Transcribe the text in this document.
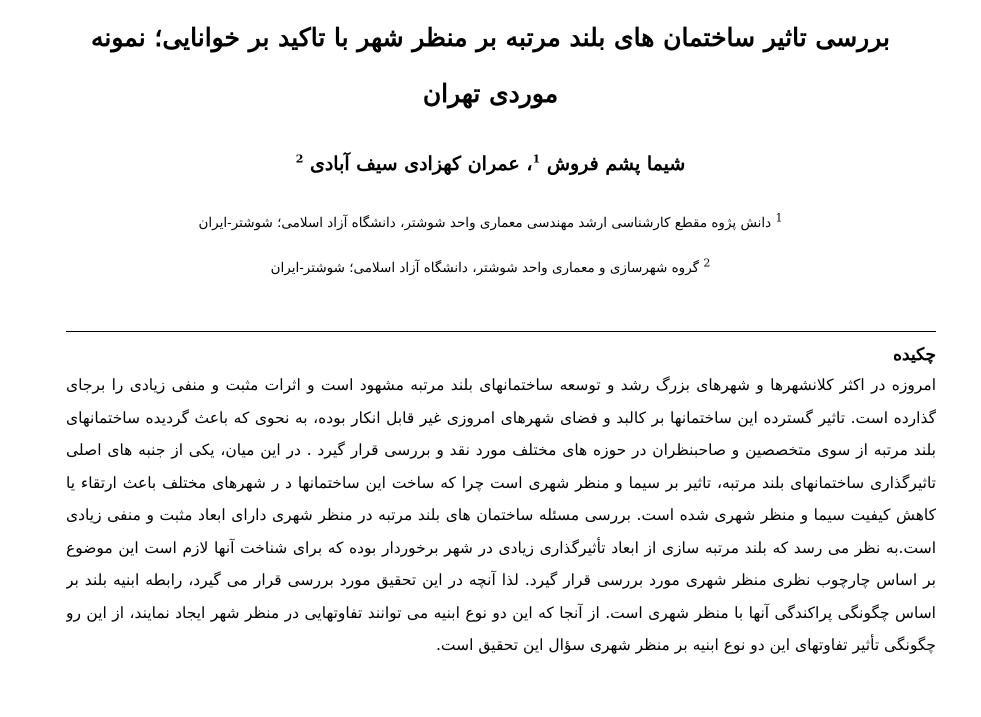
بررسی تاثیر ساختمان های بلند مرتبه بر منظر شهر با تاکید بر خوانایی؛ نمونه موردی تهران
شیما پشم فروش $^1$، عمران کهزادی سیف آبادی $^2$
$^1$ دانش پژوه مقطع کارشناسی ارشد مهندسی معماری واحد شوشتر، دانشگاه آزاد اسلامی؛ شوشتر-ایران
$^2$ گروه شهرسازی و معماری واحد شوشتر، دانشگاه آزاد اسلامی؛ شوشتر-ایران
چکیده

امروزه در اکثر کلانشهرها و شهرهای بزرگ رشد و توسعه ساختمانهای بلند مرتبه مشهود است و اثرات مثبت و منفی زیادی را برجای گذارده است. تاثیر گسترده این ساختمانها بر کالبد و فضای شهرهای امروزی غیر قابل انکار بوده، به نحوی که باعث گردیده ساختمانهای بلند مرتبه از سوی متخصصین و صاحبنظران در حوزه های مختلف مورد نقد و بررسی قرار گیرد . در این میان، یکی از جنبه های اصلی تاثیرگذاری ساختمانهای بلند مرتبه، تاثیر بر سیما و منظر شهری است چرا که ساخت این ساختمانها د ر شهرهای مختلف باعث ارتقاء یا کاهش کیفیت سیما و منظر شهری شده است. بررسی مسئله ساختمان های بلند مرتبه در منظر شهری دارای ابعاد مثبت و منفی زیادی است.به نظر می رسد که بلند مرتبه سازی از ابعاد تأثیرگذاری زیادی در شهر برخوردار بوده که برای شناخت آنها لازم است این موضوع بر اساس چارچوب نظری منظر شهری مورد بررسی قرار گیرد. لذا آنچه در این تحقیق مورد بررسی قرار می گیرد، رابطه ابنیه بلند بر اساس چگونگی پراکندگی آنها با منظر شهری است. از آنجا که این دو نوع ابنیه می توانند تفاوتهایی در منظر شهر ایجاد نمایند، از این رو چگونگی تأثیر تفاوتهای این دو نوع ابنیه بر منظر شهری سؤال این تحقیق است.
